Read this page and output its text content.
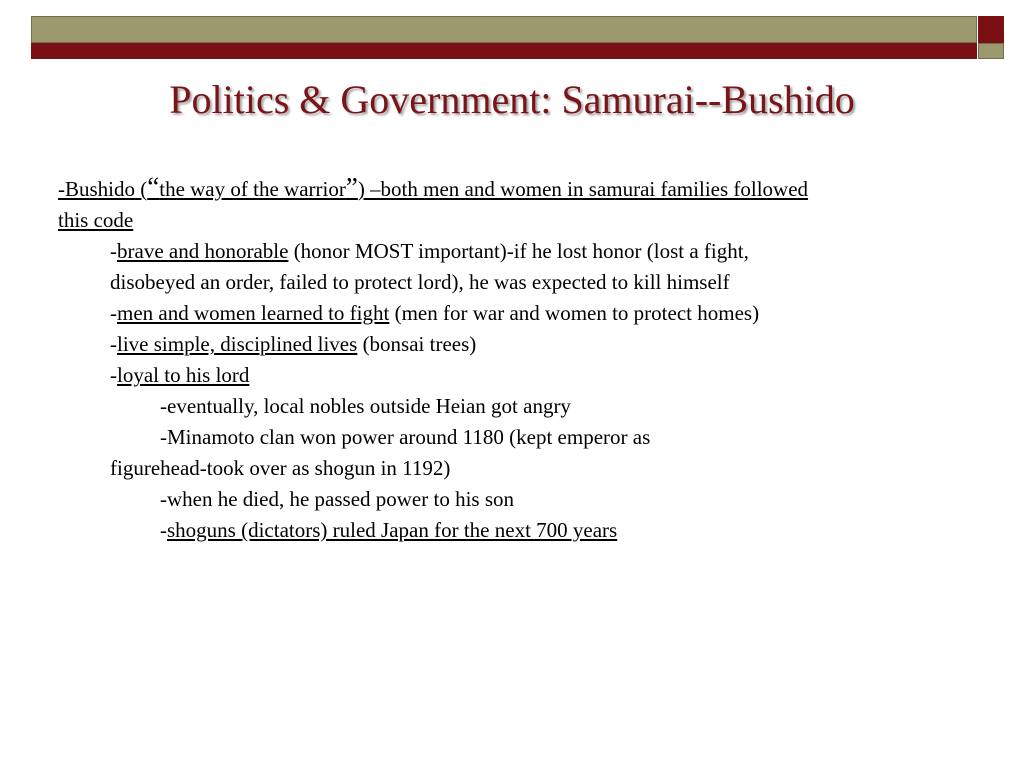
Politics & Government: Samurai--Bushido
-Bushido (“the way of the warrior”) –both men and women in samurai families followed
this code
-brave and honorable (honor MOST important)-if he lost honor (lost a fight,
disobeyed an order, failed to protect lord), he was expected to kill himself
-men and women learned to fight (men for war and women to protect homes)
-live simple, disciplined lives (bonsai trees)
-loyal to his lord
-eventually, local nobles outside Heian got angry
-Minamoto clan won power around 1180 (kept emperor as
figurehead-took over as shogun in 1192)
-when he died, he passed power to his son
-shoguns (dictators) ruled Japan for the next 700 years
